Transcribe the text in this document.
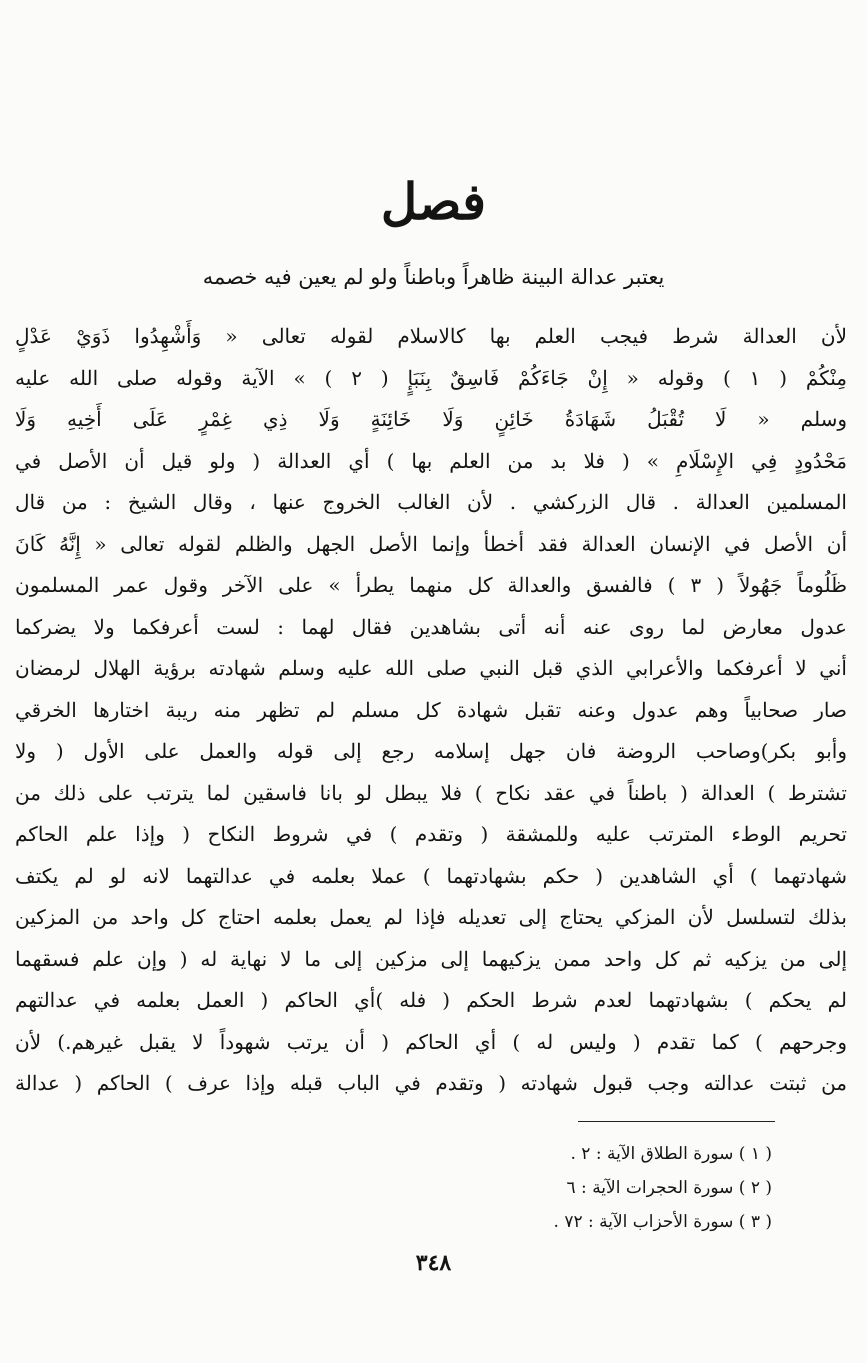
فصل
يعتبر عدالة البينة ظاهراً وباطناً ولو لم يعين فيه خصمه
لأن العدالة شرط فيجب العلم بها كالاسلام لقوله تعالى « وَأَشْهِدُوا ذَوَيْ عَدْلٍ
مِنْكُمْ ( ١ ) وقوله « إِنْ جَاءَكُمْ فَاسِقٌ بِنَبَإٍ ( ٢ ) » الآية وقوله صلى الله عليه
وسلم « لَا تُقْبَلُ شَهَادَةُ خَائِنٍ وَلَا خَائِنَةٍ وَلَا ذِي غِمْرٍ عَلَى أَخِيهِ وَلَا
مَحْدُودٍ فِي الإِسْلَامِ » ( فلا بد من العلم بها ) أي العدالة ( ولو قيل أن الأصل في
المسلمين العدالة . قال الزركشي . لأن الغالب الخروج عنها ، وقال الشيخ : من قال
أن الأصل في الإنسان العدالة فقد أخطأ وإنما الأصل الجهل والظلم لقوله تعالى « إِنَّهُ كَانَ
ظَلُوماً جَهُولاً ( ٣ ) فالفسق والعدالة كل منهما يطرأ » على الآخر وقول عمر المسلمون
عدول معارض لما روى عنه أنه أتى بشاهدين فقال لهما : لست أعرفكما ولا يضركما
أني لا أعرفكما والأعرابي الذي قبل النبي صلى الله عليه وسلم شهادته برؤية الهلال لرمضان
صار صحابياً وهم عدول وعنه تقبل شهادة كل مسلم لم تظهر منه ريبة اختارها الخرقي
وأبو بكر)وصاحب الروضة فان جهل إسلامه رجع إلى قوله والعمل على الأول ( ولا
تشترط ) العدالة ( باطناً في عقد نكاح ) فلا يبطل لو بانا فاسقين لما يترتب على ذلك من
تحريم الوطء المترتب عليه وللمشقة ( وتقدم ) في شروط النكاح ( وإذا علم الحاكم
شهادتهما ) أي الشاهدين ( حكم بشهادتهما ) عملا بعلمه في عدالتهما لانه لو لم يكتف
بذلك لتسلسل لأن المزكي يحتاج إلى تعديله فإذا لم يعمل بعلمه احتاج كل واحد من المزكين
إلى من يزكيه ثم كل واحد ممن يزكيهما إلى مزكين إلى ما لا نهاية له ( وإن علم فسقهما
لم يحكم ) بشهادتهما لعدم شرط الحكم ( فله )أي الحاكم ( العمل بعلمه في عدالتهم
وجرحهم ) كما تقدم ( وليس له ) أي الحاكم ( أن يرتب شهوداً لا يقبل غيرهم.) لأن
من ثبتت عدالته وجب قبول شهادته ( وتقدم في الباب قبله وإذا عرف ) الحاكم ( عدالة
( ١ ) سورة الطلاق الآية : ٢ .
( ٢ ) سورة الحجرات الآية : ٦
( ٣ ) سورة الأحزاب الآية : ٧٢ .
٣٤٨
